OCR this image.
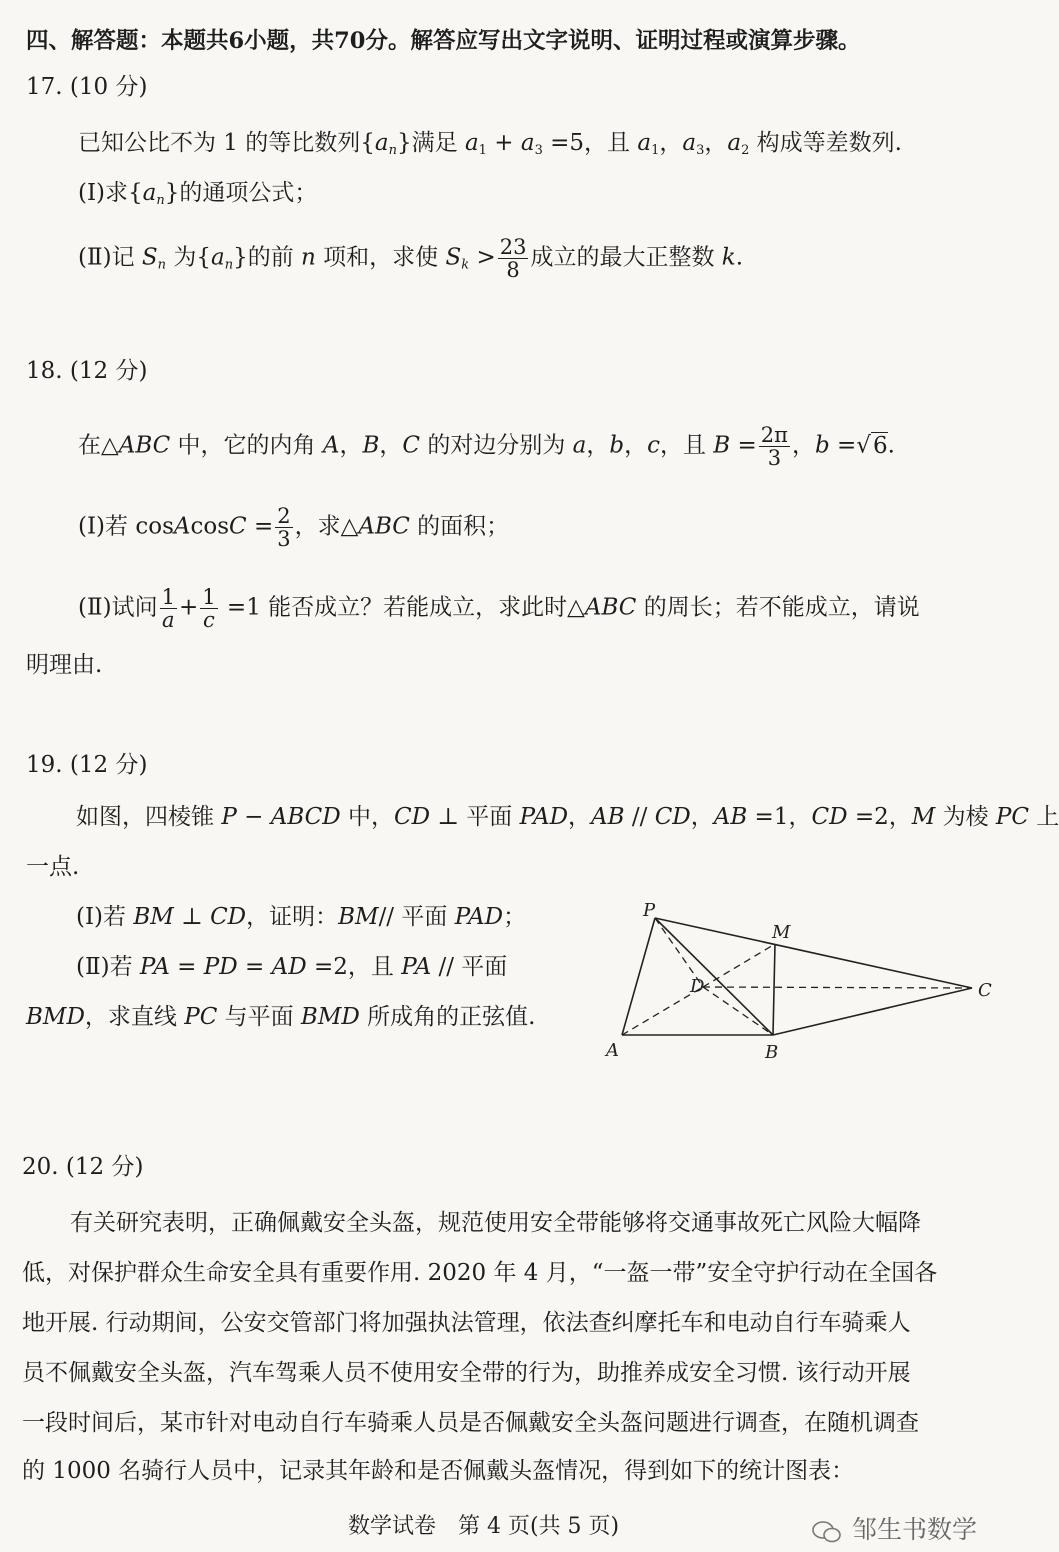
四、解答题：本题共6小题，共70分。解答应写出文字说明、证明过程或演算步骤。
17. (10 分)
已知公比不为 1 的等比数列$\{a_n\}$满足 $a_1 + a_3 =5$，且 $a_1$，$a_3$，$a_2$ 构成等差数列.
(Ⅰ)求$\{a_n\}$的通项公式；
(Ⅱ)记 $S_n$ 为$\{a_n\}$的前 n 项和，求使 $S_k > \frac{23}{8}$ 成立的最大正整数 k.
18. (12 分)
在△ABC 中，它的内角 A，B，C 的对边分别为 a，b，c，且 $B = \frac{2\pi}{3}$ ，b =√6.
(Ⅰ)若 cosAcosC = $\frac{2}{3}$ ，求△ABC 的面积；
(Ⅱ)试问 $\frac{1}{a} + \frac{1}{c} =1$ 能否成立？若能成立，求此时△ABC 的周长；若不能成立，请说
明理由.
19. (12 分)
如图，四棱锥 P − ABCD 中，CD ⊥ 平面 PAD，AB // CD，AB =1，CD =2，M 为棱 PC 上
一点.
(Ⅰ)若 BM ⊥ CD，证明：BM// 平面 PAD；
(Ⅱ)若 PA = PD = AD =2，且 PA // 平面
BMD，求直线 PC 与平面 BMD 所成角的正弦值.
P
M
D	C
A	B
20. (12 分)
有关研究表明，正确佩戴安全头盔，规范使用安全带能够将交通事故死亡风险大幅降
低，对保护群众生命安全具有重要作用. 2020 年 4 月，“一盔一带”安全守护行动在全国各
地开展. 行动期间，公安交管部门将加强执法管理，依法查纠摩托车和电动自行车骑乘人
员不佩戴安全头盔，汽车驾乘人员不使用安全带的行为，助推养成安全习惯. 该行动开展
一段时间后，某市针对电动自行车骑乘人员是否佩戴安全头盔问题进行调查，在随机调查
的 1000 名骑行人员中，记录其年龄和是否佩戴头盔情况，得到如下的统计图表：
数学试卷　第 4 页(共 5 页)	邹生书数学
